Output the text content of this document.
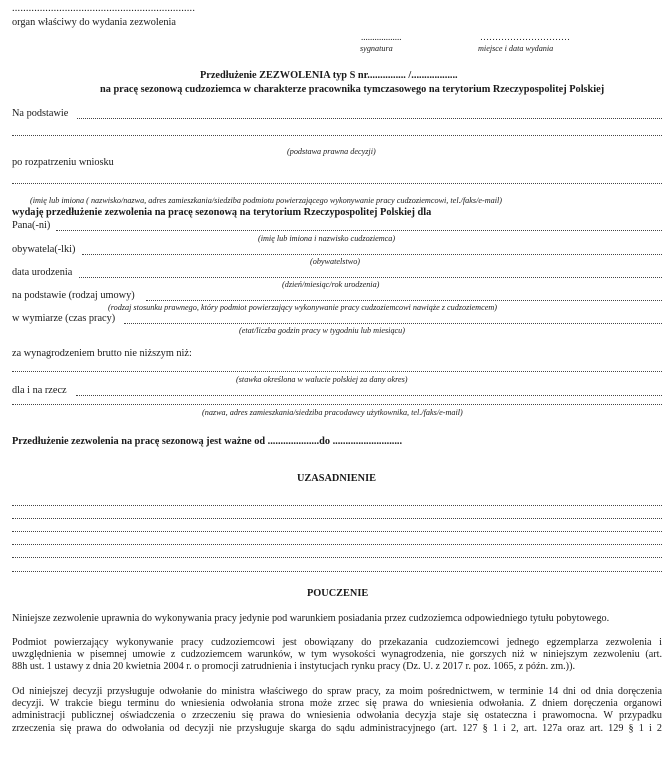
..................................................................
organ właściwy do wydania zezwolenia
..................	…………………………
sygnatura	miejsce i data wydania
Przedłużenie ZEZWOLENIA typ S nr............... /..................
na pracę sezonową cudzoziemca w charakterze pracownika tymczasowego na terytorium Rzeczypospolitej Polskiej
Na podstawie
(podstawa prawna decyzji)
po rozpatrzeniu wniosku
(imię lub imiona ( nazwisko/nazwa, adres zamieszkania/siedziba podmiotu powierzającego wykonywanie pracy cudzoziemcowi, tel./faks/e-mail)
wydaję przedłużenie zezwolenia na pracę sezonową na terytorium Rzeczypospolitej Polskiej dla
Pana(-ni)
(imię lub imiona i nazwisko cudzoziemca)
obywatela(-lki)
(obywatelstwo)
data urodzenia
(dzień/miesiąc/rok urodzenia)
na podstawie (rodzaj umowy)
(rodzaj stosunku prawnego, który podmiot powierzający wykonywanie pracy cudzoziemcowi nawiąże z cudzoziemcem)
w wymiarze (czas pracy)
(etat/liczba godzin pracy w tygodniu lub miesiącu)
za wynagrodzeniem brutto nie niższym niż:
(stawka określona w walucie polskiej za dany okres)
dla i na rzecz
(nazwa, adres zamieszkania/siedziba pracodawcy użytkownika, tel./faks/e-mail)
Przedłużenie zezwolenia na pracę sezonową jest ważne od ....................do ...........................
UZASADNIENIE
POUCZENIE
Niniejsze zezwolenie uprawnia do wykonywania pracy jedynie pod warunkiem posiadania przez cudzoziemca odpowiedniego tytułu pobytowego.
Podmiot powierzający wykonywanie pracy cudzoziemcowi jest obowiązany do przekazania cudzoziemcowi jednego egzemplarza zezwolenia i
uwzględnienia w pisemnej umowie z cudzoziemcem warunków, w tym wysokości wynagrodzenia, nie gorszych niż w niniejszym zezwoleniu (art.
88h ust. 1 ustawy z dnia 20 kwietnia 2004 r. o promocji zatrudnienia i instytucjach rynku pracy (Dz. U. z 2017 r. poz. 1065, z późn. zm.)).
Od niniejszej decyzji przysługuje odwołanie do ministra właściwego do spraw pracy, za moim pośrednictwem, w terminie 14 dni od dnia doręczenia
decyzji. W trakcie biegu terminu do wniesienia odwołania strona może zrzec się prawa do wniesienia odwołania. Z dniem doręczenia organowi
administracji publicznej oświadczenia o zrzeczeniu się prawa do wniesienia odwołania decyzja staje się ostateczna i prawomocna. W przypadku
zrzeczenia się prawa do odwołania od decyzji nie przysługuje skarga do sądu administracyjnego (art. 127 § 1 i 2, art. 127a oraz art. 129 § 1 i 2
